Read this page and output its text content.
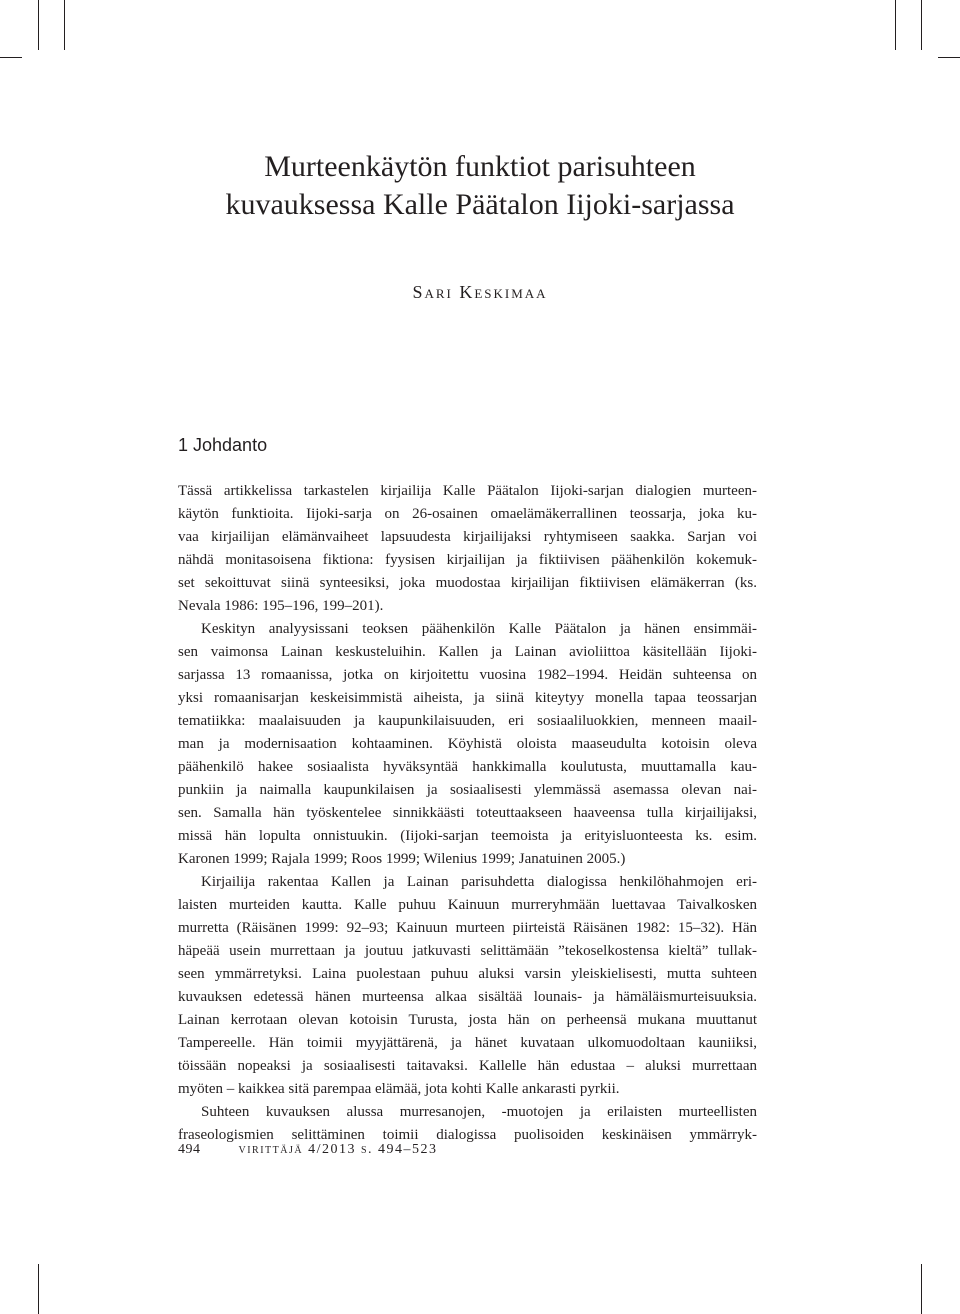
Murteenkäytön funktiot parisuhteen
kuvauksessa Kalle Päätalon Iijoki-sarjassa
Sari Keskimaa
1 Johdanto

Tässä artikkelissa tarkastelen kirjailija Kalle Päätalon Iijoki-sarjan dialogien murteen-
käytön funktioita. Iijoki-sarja on 26-osainen omaelämäkerrallinen teossarja, joka ku-
vaa kirjailijan elämänvaiheet lapsuudesta kirjailijaksi ryhtymiseen saakka. Sarjan voi
nähdä monitasoisena fiktiona: fyysisen kirjailijan ja fiktiivisen päähenkilön kokemuk-
set sekoittuvat siinä synteesiksi, joka muodostaa kirjailijan fiktiivisen elämäkerran (ks.
Nevala 1986: 195–196, 199–201).

Keskityn analyysissani teoksen päähenkilön Kalle Päätalon ja hänen ensimmäi-
sen vaimonsa Lainan keskusteluihin. Kallen ja Lainan avioliittoa käsitellään Iijoki-
sarjassa 13 romaanissa, jotka on kirjoitettu vuosina 1982–1994. Heidän suhteensa on
yksi romaanisarjan keskeisimmistä aiheista, ja siinä kiteytyy monella tapaa teossarjan
tematiikka: maalaisuuden ja kaupunkilaisuuden, eri sosiaaliluokkien, menneen maail-
man ja modernisaation kohtaaminen. Köyhistä oloista maaseudulta kotoisin oleva
päähenkilö hakee sosiaalista hyväksyntää hankkimalla koulutusta, muuttamalla kau-
punkiin ja naimalla kaupunkilaisen ja sosiaalisesti ylemmässä asemassa olevan nai-
sen. Samalla hän työskentelee sinnikkäästi toteuttaakseen haaveensa tulla kirjailijaksi,
missä hän lopulta onnistuukin. (Iijoki-sarjan teemoista ja erityisluonteesta ks. esim.
Karonen 1999; Rajala 1999; Roos 1999; Wilenius 1999; Janatuinen 2005.)

Kirjailija rakentaa Kallen ja Lainan parisuhdetta dialogissa henkilöhahmojen eri-
laisten murteiden kautta. Kalle puhuu Kainuun murreryhmään luettavaa Taivalkosken
murretta (Räisänen 1999: 92–93; Kainuun murteen piirteistä Räisänen 1982: 15–32). Hän
häpeää usein murrettaan ja joutuu jatkuvasti selittämään ”tekoselkostensa kieltä” tullak-
seen ymmärretyksi. Laina puolestaan puhuu aluksi varsin yleiskielisesti, mutta suhteen
kuvauksen edetessä hänen murteensa alkaa sisältää lounais- ja hämäläismurteisuuksia.
Lainan kerrotaan olevan kotoisin Turusta, josta hän on perheensä mukana muuttanut
Tampereelle. Hän toimii myyjättärenä, ja hänet kuvataan ulkomuodoltaan kauniiksi,
töissään nopeaksi ja sosiaalisesti taitavaksi. Kallelle hän edustaa – aluksi murrettaan
myöten – kaikkea sitä parempaa elämää, jota kohti Kalle ankarasti pyrkii.

Suhteen kuvauksen alussa murresanojen, -muotojen ja erilaisten murteellisten
fraseologismien selittäminen toimii dialogissa puolisoiden keskinäisen ymmärryk-

494	virittäjä 4/2013 s. 494–523
